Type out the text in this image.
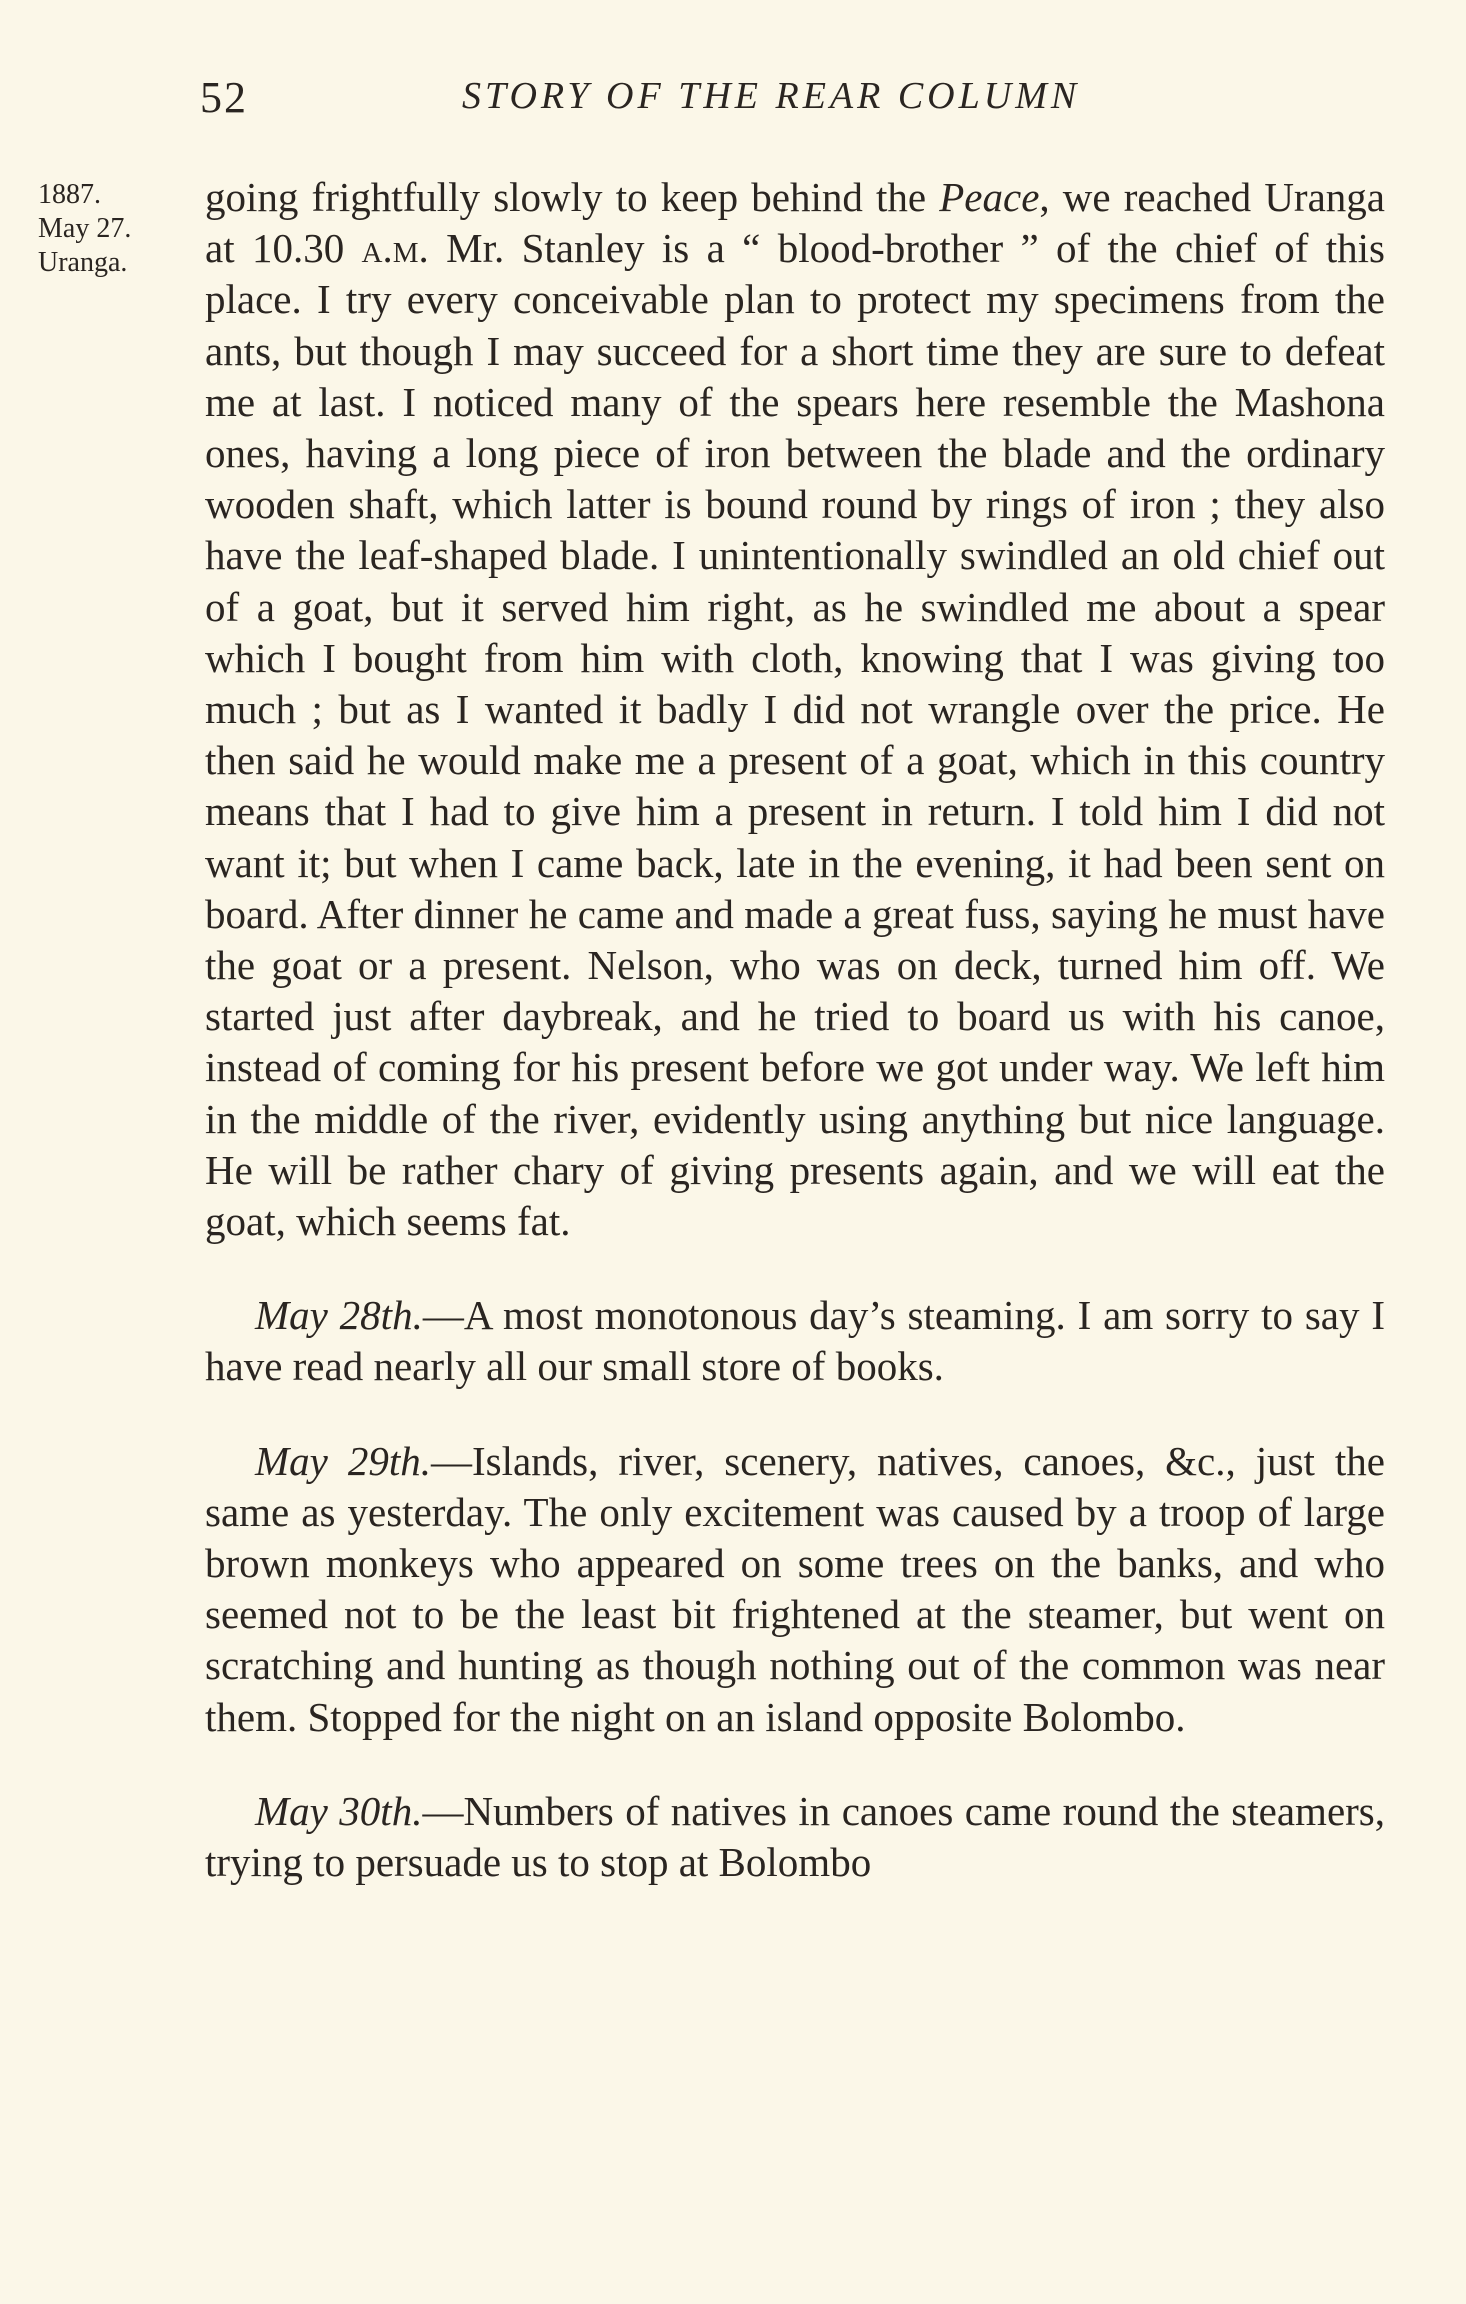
52	STORY OF THE REAR COLUMN
1887.
May 27.
Uranga.

going frightfully slowly to keep behind the Peace, we reached Uranga at 10.30 a.m. Mr. Stanley is a “ blood-brother ” of the chief of this place. I try every conceivable plan to protect my specimens from the ants, but though I may succeed for a short time they are sure to defeat me at last. I noticed many of the spears here resemble the Mashona ones, having a long piece of iron between the blade and the ordinary wooden shaft, which latter is bound round by rings of iron ; they also have the leaf-shaped blade. I unintentionally swindled an old chief out of a goat, but it served him right, as he swindled me about a spear which I bought from him with cloth, knowing that I was giving too much ; but as I wanted it badly I did not wrangle over the price. He then said he would make me a present of a goat, which in this country means that I had to give him a present in return. I told him I did not want it; but when I came back, late in the evening, it had been sent on board. After dinner he came and made a great fuss, saying he must have the goat or a present. Nelson, who was on deck, turned him off. We started just after daybreak, and he tried to board us with his canoe, instead of coming for his present before we got under way. We left him in the middle of the river, evidently using anything but nice language. He will be rather chary of giving presents again, and we will eat the goat, which seems fat.

May 28th.—A most monotonous day’s steaming. I am sorry to say I have read nearly all our small store of books.

May 29th.—Islands, river, scenery, natives, canoes, &c., just the same as yesterday. The only excitement was caused by a troop of large brown monkeys who appeared on some trees on the banks, and who seemed not to be the least bit frightened at the steamer, but went on scratching and hunting as though nothing out of the common was near them. Stopped for the night on an island opposite Bolombo.

May 30th.—Numbers of natives in canoes came round the steamers, trying to persuade us to stop at Bolombo
